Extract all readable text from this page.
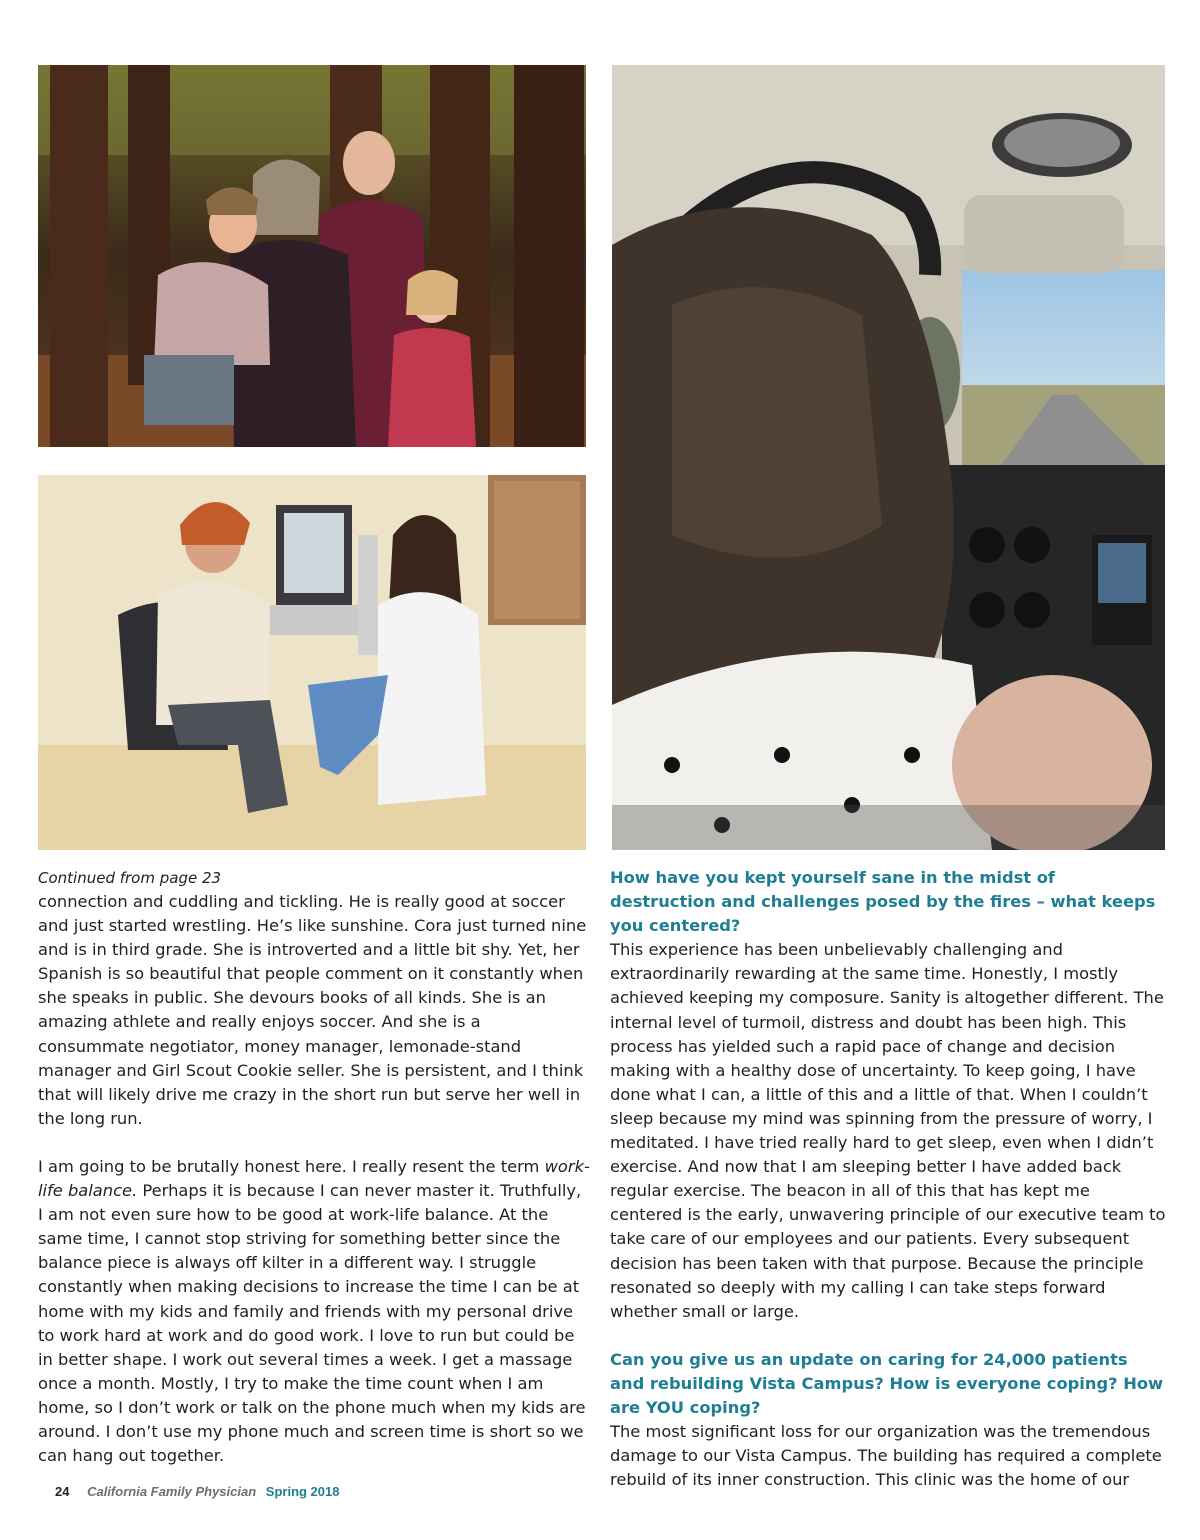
Continued from page 23

connection and cuddling and tickling. He is really good at soccer and just started wrestling. He’s like sunshine. Cora just turned nine and is in third grade. She is introverted and a little bit shy. Yet, her Spanish is so beautiful that people comment on it constantly when she speaks in public. She devours books of all kinds. She is an amazing athlete and really enjoys soccer. And she is a consummate negotiator, money manager, lemonade-stand manager and Girl Scout Cookie seller. She is persistent, and I think that will likely drive me crazy in the short run but serve her well in the long run.

I am going to be brutally honest here. I really resent the term work-life balance. Perhaps it is because I can never master it. Truthfully, I am not even sure how to be good at work-life balance. At the same time, I cannot stop striving for something better since the balance piece is always off kilter in a different way. I struggle constantly when making decisions to increase the time I can be at home with my kids and family and friends with my personal drive to work hard at work and do good work. I love to run but could be in better shape. I work out several times a week. I get a massage once a month. Mostly, I try to make the time count when I am home, so I don’t work or talk on the phone much when my kids are around. I don’t use my phone much and screen time is short so we can hang out together.

How have you kept yourself sane in the midst of destruction and challenges posed by the fires – what keeps you centered?

This experience has been unbelievably challenging and extraordinarily rewarding at the same time. Honestly, I mostly achieved keeping my composure. Sanity is altogether different. The internal level of turmoil, distress and doubt has been high. This process has yielded such a rapid pace of change and decision making with a healthy dose of uncertainty. To keep going, I have done what I can, a little of this and a little of that. When I couldn’t sleep because my mind was spinning from the pressure of worry, I meditated. I have tried really hard to get sleep, even when I didn’t exercise. And now that I am sleeping better I have added back regular exercise. The beacon in all of this that has kept me centered is the early, unwavering principle of our executive team to take care of our employees and our patients. Every subsequent decision has been taken with that purpose. Because the principle resonated so deeply with my calling I can take steps forward whether small or large.

Can you give us an update on caring for 24,000 patients and rebuilding Vista Campus? How is everyone coping? How are YOU coping?

The most significant loss for our organization was the tremendous damage to our Vista Campus. The building has required a complete rebuild of its inner construction. This clinic was the home of our

24 California Family Physician Spring 2018
